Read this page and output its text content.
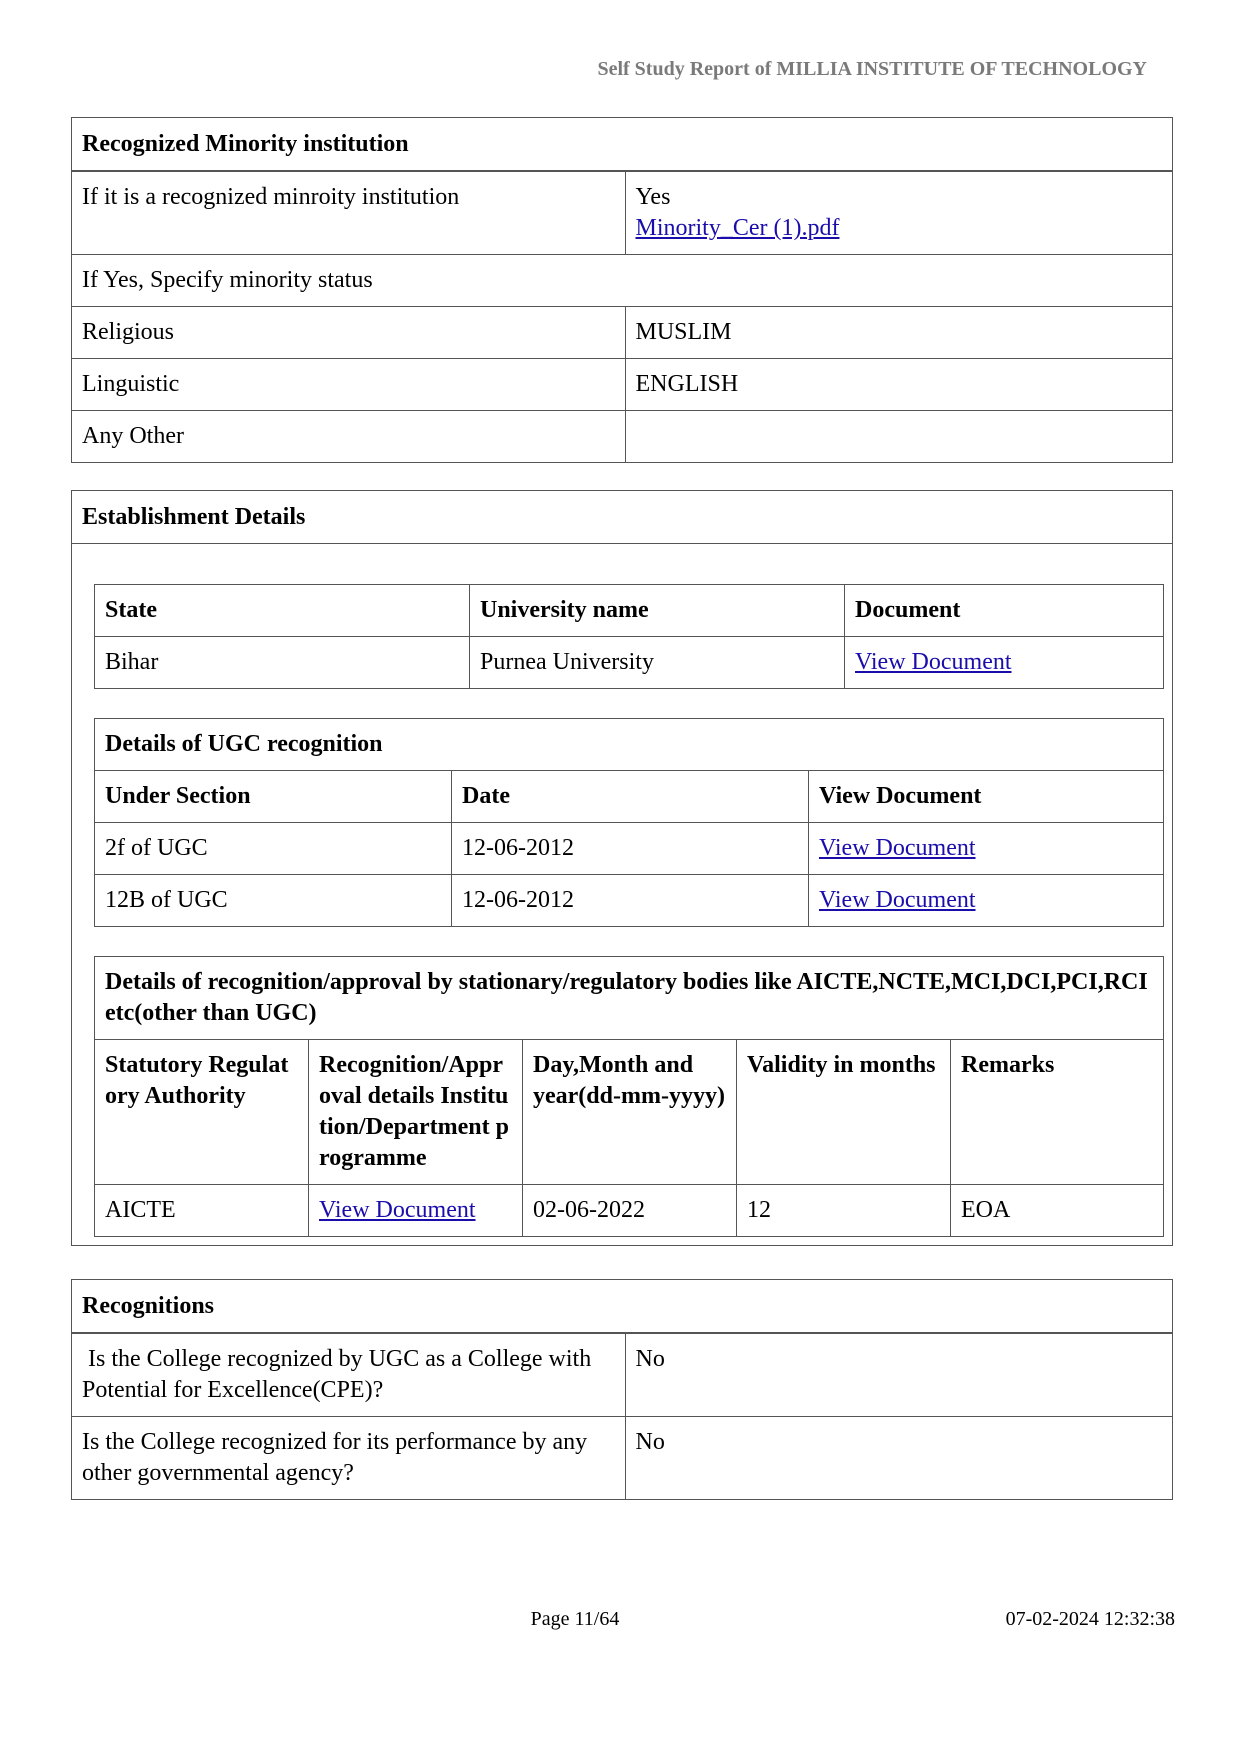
Self Study Report of MILLIA INSTITUTE OF TECHNOLOGY
Recognized Minority institution
If it is a recognized minroity institution	Yes
Minority_Cer (1).pdf

If Yes, Specify minority status	
Religious	MUSLIM
Linguistic	ENGLISH
Any Other	
Establishment Details
State	University name	Document
Bihar	Purnea University	View Document
Details of UGC recognition
Under Section	Date	View Document
2f of UGC	12-06-2012	View Document
12B of UGC	12-06-2012	View Document
Details of recognition/approval by stationary/regulatory bodies like AICTE,NCTE,MCI,DCI,PCI,RCI etc(other than UGC)
Statutory Regulatory Authority	Recognition/Approval details Institution/Department programme	Day,Month and year(dd-mm-yyyy)	Validity in months	Remarks
AICTE	View Document	02-06-2022	12	EOA
Recognitions
Is the College recognized by UGC as a College with Potential for Excellence(CPE)?	No
Is the College recognized for its performance by any other governmental agency?	No
Page 11/64	07-02-2024 12:32:38
